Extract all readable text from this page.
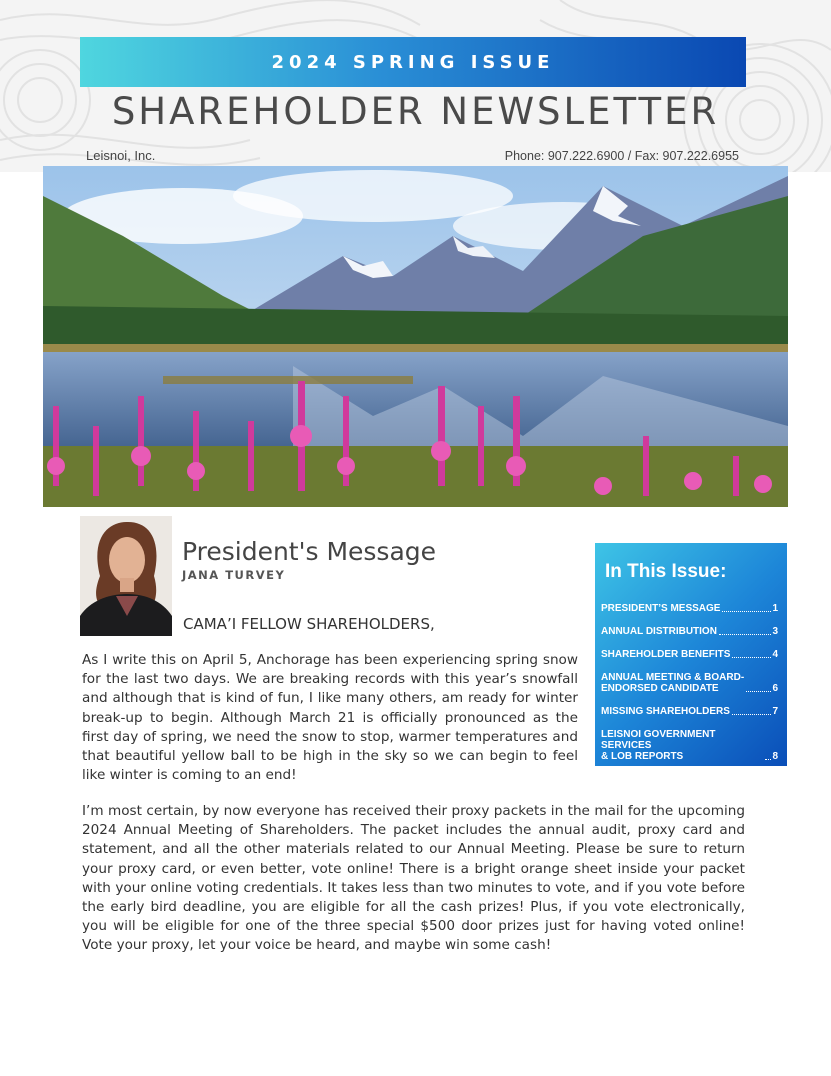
2024 SPRING ISSUE
SHAREHOLDER NEWSLETTER
Leisnoi, Inc.	Phone: 907.222.6900 / Fax: 907.222.6955
President's Message
JANA TURVEY
CAMA’I FELLOW SHAREHOLDERS,

As I write this on April 5, Anchorage has been experiencing spring snow for the last two days. We are breaking records with this year’s snowfall and although that is kind of fun, I like many others, am ready for winter break-up to begin. Although March 21 is officially pronounced as the first day of spring, we need the snow to stop, warmer temperatures and that beautiful yellow ball to be high in the sky so we can begin to feel like winter is coming to an end!

I’m most certain, by now everyone has received their proxy packets in the mail for the upcoming 2024 Annual Meeting of Shareholders. The packet includes the annual audit, proxy card and statement, and all the other materials related to our Annual Meeting. Please be sure to return your proxy card, or even better, vote online! There is a bright orange sheet inside your packet with your online voting credentials. It takes less than two minutes to vote, and if you vote before the early bird deadline, you are eligible for all the cash prizes! Plus, if you vote electronically, you will be eligible for one of the three special $500 door prizes just for having voted online! Vote your proxy, let your voice be heard, and maybe win some cash!

In This Issue:
PRESIDENT’S MESSAGE	1
ANNUAL DISTRIBUTION	3
SHAREHOLDER BENEFITS	4
ANNUAL MEETING & BOARD-
ENDORSED CANDIDATE	6
MISSING SHAREHOLDERS	7
LEISNOI GOVERNMENT SERVICES
& LOB REPORTS	8
